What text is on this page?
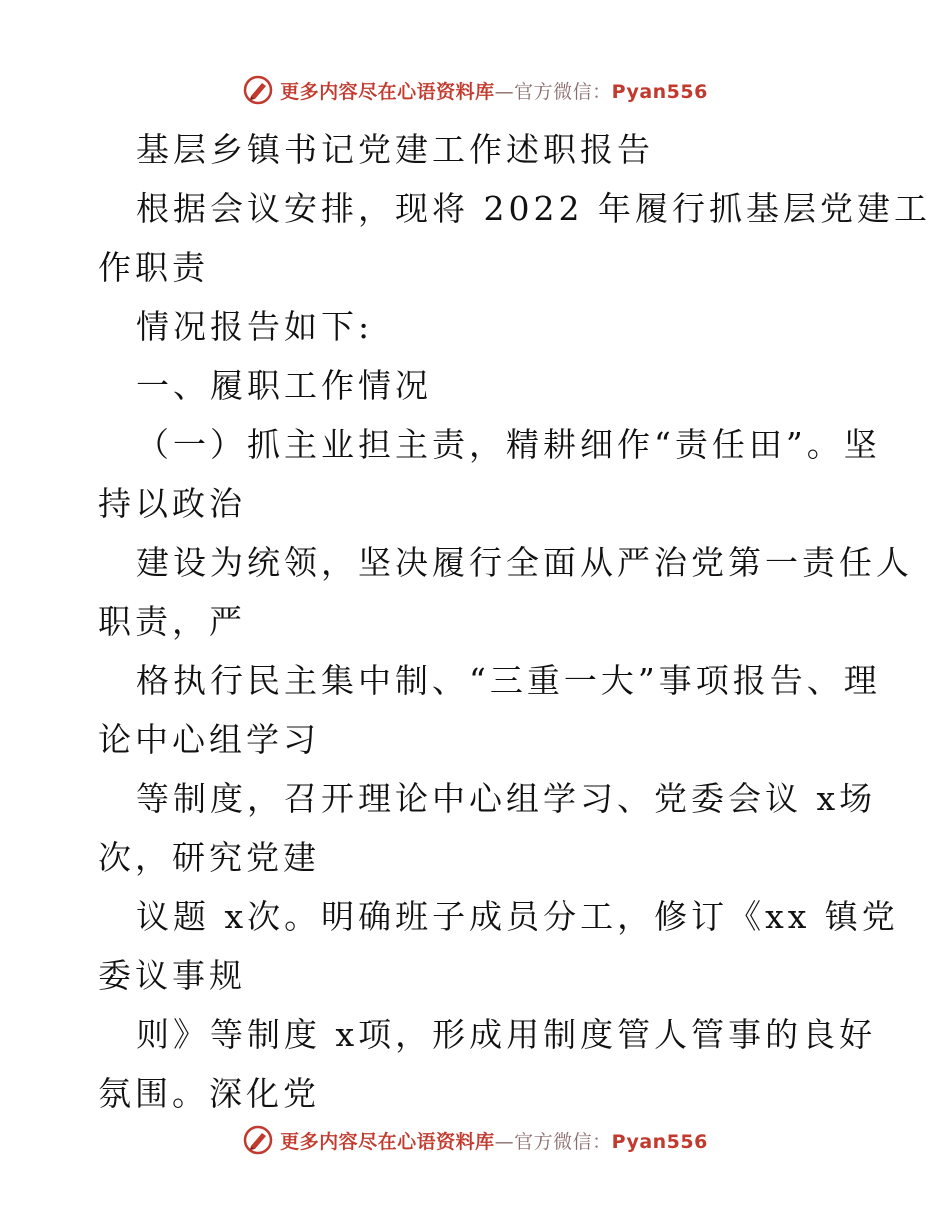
更多内容尽在心语资料库—官方微信：Pyan556
基层乡镇书记党建工作述职报告
根据会议安排，现将 2022 年履行抓基层党建工
作职责
情况报告如下:
一、履职工作情况
（一）抓主业担主责，精耕细作“责任田”。坚
持以政治
建设为统领，坚决履行全面从严治党第一责任人
职责，严
格执行民主集中制、“三重一大”事项报告、理
论中心组学习
等制度，召开理论中心组学习、党委会议 x场
次，研究党建
议题 x次。明确班子成员分工，修订《xx 镇党
委议事规
则》等制度 x项，形成用制度管人管事的良好
氛围。深化党
更多内容尽在心语资料库—官方微信：Pyan556
